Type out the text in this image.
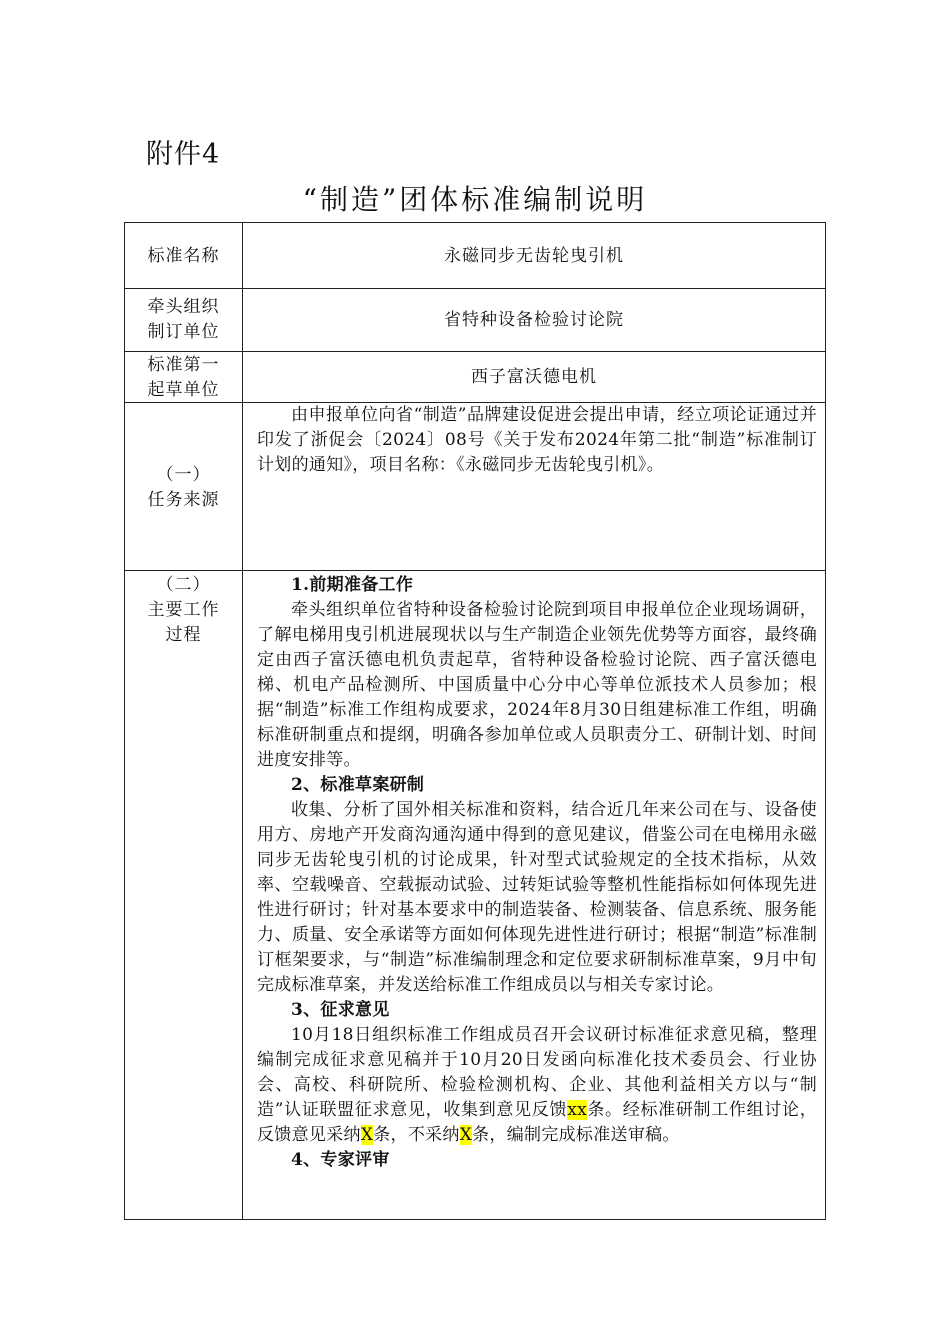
附件4
“制造”团体标准编制说明
标准名称	永磁同步无齿轮曳引机
牵头组织
制订单位
省特种设备检验讨论院
标准第一
起草单位
西子富沃德电机
（一）
任务来源

由申报单位向省“制造”品牌建设促进会提出申请，经立项论证通过并印发了浙促会〔2024〕08号《关于发布2024年第二批“制造”标准制订计划的通知》，项目名称：《永磁同步无齿轮曳引机》。

（二）
主要工作
过程
1.前期准备工作

牵头组织单位省特种设备检验讨论院到项目申报单位企业现场调研，了解电梯用曳引机进展现状以与生产制造企业领先优势等方面容，最终确定由西子富沃德电机负责起草，省特种设备检验讨论院、西子富沃德电梯、机电产品检测所、中国质量中心分中心等单位派技术人员参加；根据“制造”标准工作组构成要求，2024年8月30日组建标准工作组，明确标准研制重点和提纲，明确各参加单位或人员职责分工、研制计划、时间进度安排等。

2、标准草案研制

收集、分析了国外相关标准和资料，结合近几年来公司在与、设备使用方、房地产开发商沟通沟通中得到的意见建议，借鉴公司在电梯用永磁同步无齿轮曳引机的讨论成果，针对型式试验规定的全技术指标，从效率、空载噪音、空载振动试验、过转矩试验等整机性能指标如何体现先进性进行研讨；针对基本要求中的制造装备、检测装备、信息系统、服务能力、质量、安全承诺等方面如何体现先进性进行研讨；根据“制造”标准制订框架要求，与“制造”标准编制理念和定位要求研制标准草案，9月中旬完成标准草案，并发送给标准工作组成员以与相关专家讨论。

3、征求意见

10月18日组织标准工作组成员召开会议研讨标准征求意见稿，整理编制完成征求意见稿并于10月20日发函向标准化技术委员会、行业协会、高校、科研院所、检验检测机构、企业、其他利益相关方以与“制造”认证联盟征求意见，收集到意见反馈xx条。经标准研制工作组讨论，反馈意见采纳X条，不采纳X条，编制完成标准送审稿。

4、专家评审
